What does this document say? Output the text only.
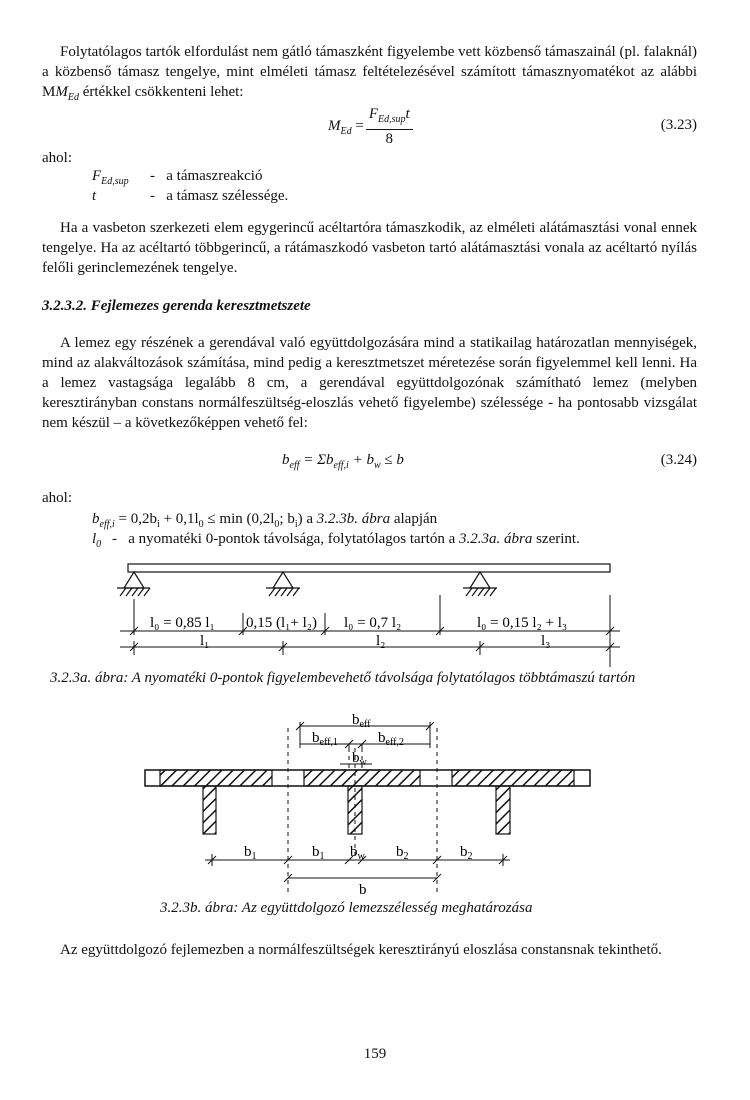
Folytatólagos tartók elfordulást nem gátló támaszként figyelembe vett közbenső támaszainál (pl. falaknál) a közbenső támasz tengelye, mint elméleti támasz feltételezésével számított támasznyomatékot az alábbi $MM_{Ed}$ értékkel csökkenteni lehet:

$M_{Ed}$ =
$F_{Ed,sup}t$
8
(3.23)
ahol:
$F_{Ed,sup}$ - a támaszreakció
t	- a támasz szélessége.

Ha a vasbeton szerkezeti elem egygerincű acéltartóra támaszkodik, az elméleti alátámasztási vonal ennek tengelye. Ha az acéltartó többgerincű, a rátámaszkodó vasbeton tartó alátámasztási vonala az acéltartó nyílás felőli gerinclemezének tengelye.

3.2.3.2. Fejlemezes gerenda keresztmetszete

A lemez egy részének a gerendával való együttdolgozására mind a statikailag határozatlan mennyiségek, mind az alakváltozások számítása, mind pedig a keresztmetszet méretezése során figyelemmel kell lenni. Ha a lemez vastagsága legalább 8 cm, a gerendával együttdolgozónak számítható lemez (melyben keresztirányban constans normálfeszültség-eloszlás vehető figyelembe) szélessége - ha pontosabb vizsgálat nem készül – a következőképpen vehető fel:

$b_{eff} = \Sigma b_{eff,i} + b_w \le b$	(3.24)
ahol:
$b_{eff,i} = 0,2b_i + 0,1l_0 \le \min (0,2l_0$; $b_i$) a 3.2.3b. ábra alapján
$l_0$ - a nyomatéki 0-pontok távolsága, folytatólagos tartón a 3.2.3a. ábra szerint.
l₀ = 0,85 l₁ 0,15 (l₁+ l₂) l₀ = 0,7 l₂	l₀ = 0,15 l₂ + l₃
l₁	l₂	l₃
3.2.3a. ábra: A nyomatéki 0-pontok figyelembevehető távolsága folytatólagos többtámaszú tartón
$b_{eff}$
$b_{eff,1}$	$b_{eff,2}$
$b_w$
$b_1$	$b_1$ $b_w$ $b_2$	$b_2$
b
3.2.3b. ábra: Az együttdolgozó lemezszélesség meghatározása

Az együttdolgozó fejlemezben a normálfeszültségek keresztirányú eloszlása constansnak tekinthető.

159
